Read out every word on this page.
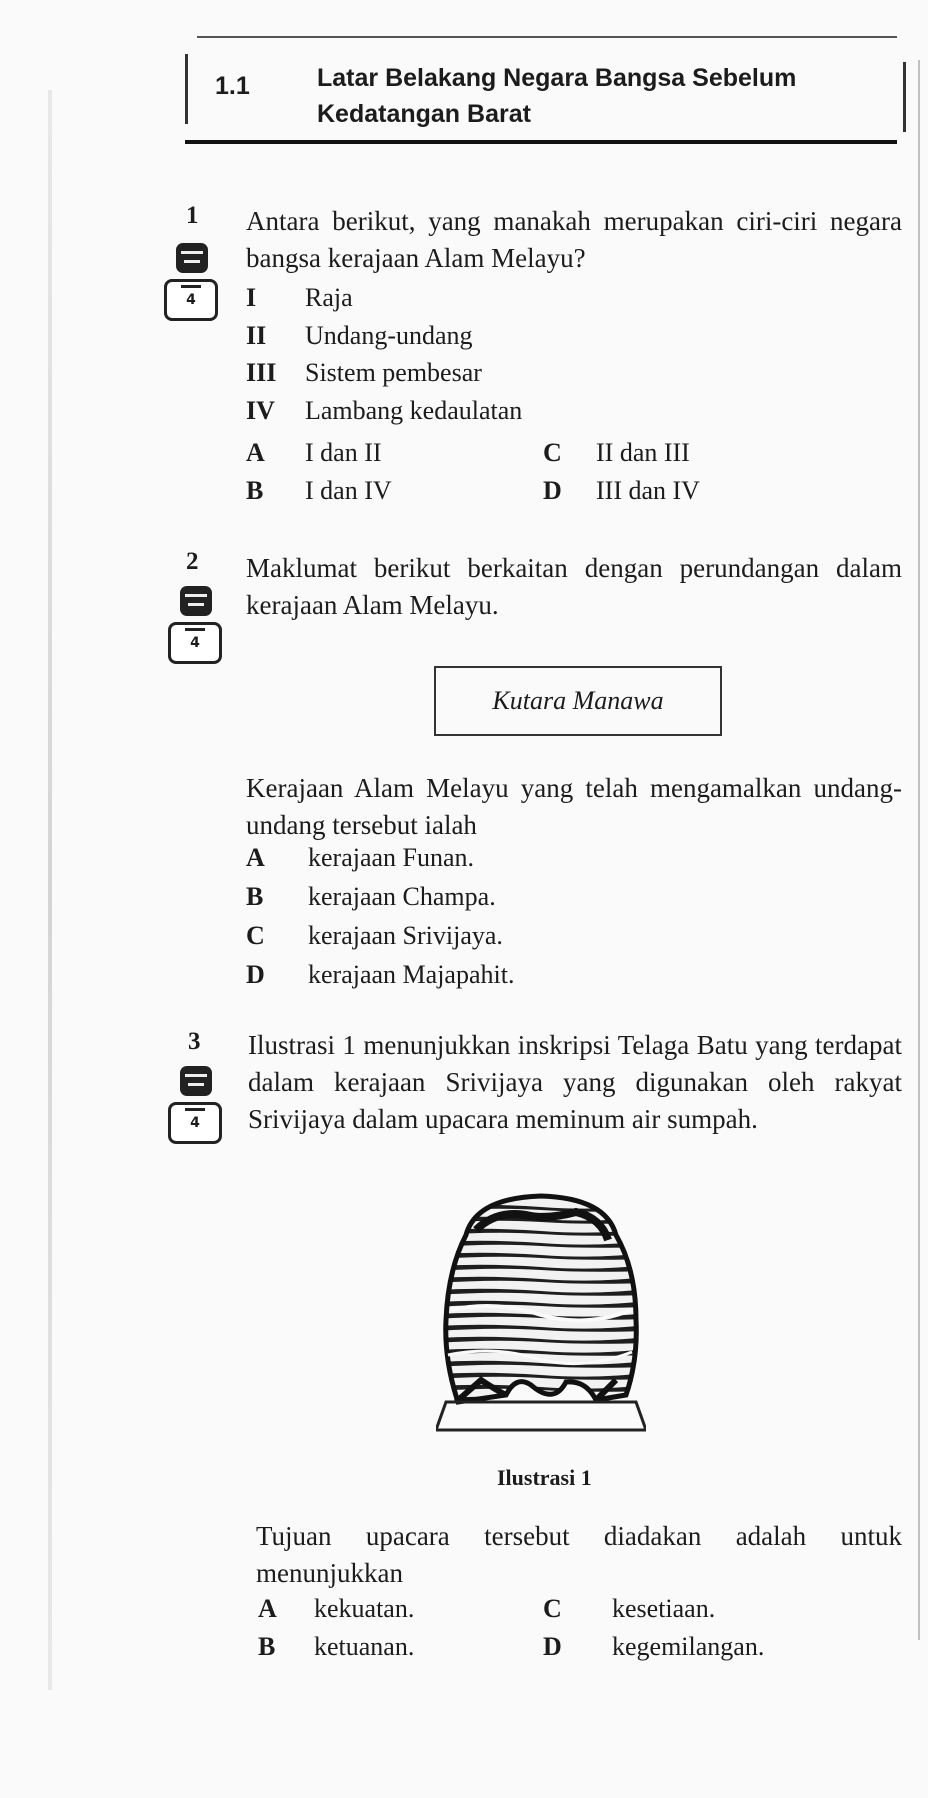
1.1	Latar Belakang Negara Bangsa Sebelum Kedatangan Barat
1
4
Antara berikut, yang manakah merupakan ciri-ciri negara bangsa kerajaan Alam Melayu?
I Raja
II Undang-undang
III Sistem pembesar
IV Lambang kedaulatan
A I dan II
B I dan IV
C II dan III
D III dan IV
2
4
Maklumat berikut berkaitan dengan perundangan dalam kerajaan Alam Melayu.
Kutara Manawa
Kerajaan Alam Melayu yang telah mengamalkan undang-undang tersebut ialah
A kerajaan Funan.
B kerajaan Champa.
C kerajaan Srivijaya.
D kerajaan Majapahit.
3
4
Ilustrasi 1 menunjukkan inskripsi Telaga Batu yang terdapat dalam kerajaan Srivijaya yang digunakan oleh rakyat Srivijaya dalam upacara meminum air sumpah.
Ilustrasi 1
Tujuan upacara tersebut diadakan adalah untuk menunjukkan
A kekuatan.
B ketuanan.
C kesetiaan.
D kegemilangan.
